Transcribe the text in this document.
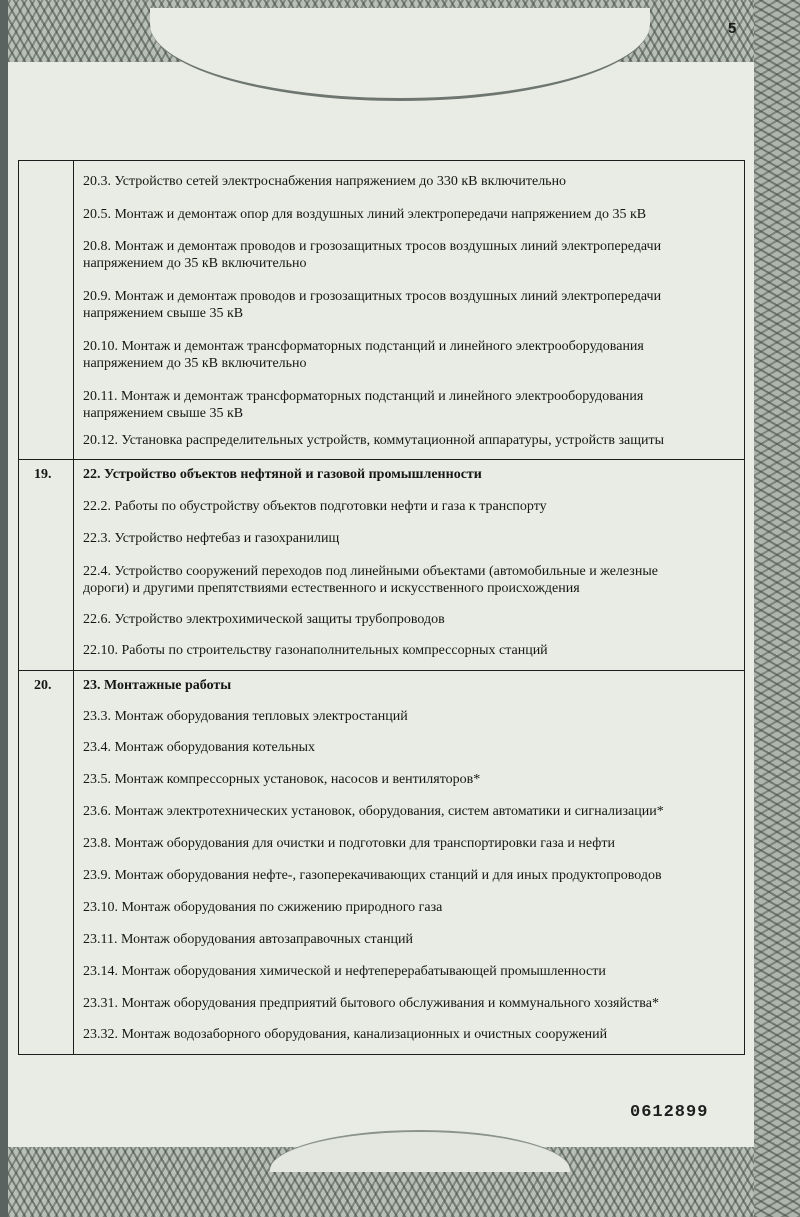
5
20.3. Устройство сетей электроснабжения напряжением до 330 кВ включительно
20.5. Монтаж и демонтаж опор для воздушных линий электропередачи напряжением до 35 кВ
20.8. Монтаж и демонтаж проводов и грозозащитных тросов воздушных линий электропередачи
напряжением до 35 кВ включительно
20.9. Монтаж и демонтаж проводов и грозозащитных тросов воздушных линий электропередачи
напряжением свыше 35 кВ
20.10. Монтаж и демонтаж трансформаторных подстанций и линейного электрооборудования
напряжением до 35 кВ включительно
20.11. Монтаж и демонтаж трансформаторных подстанций и линейного электрооборудования
напряжением свыше 35 кВ
20.12. Установка распределительных устройств, коммутационной аппаратуры, устройств защиты
19. 22. Устройство объектов нефтяной и газовой промышленности
22.2. Работы по обустройству объектов подготовки нефти и газа к транспорту
22.3. Устройство нефтебаз и газохранилищ
22.4. Устройство сооружений переходов под линейными объектами (автомобильные и железные
дороги) и другими препятствиями естественного и искусственного происхождения
22.6. Устройство электрохимической защиты трубопроводов
22.10. Работы по строительству газонаполнительных компрессорных станций
20. 23. Монтажные работы
23.3. Монтаж оборудования тепловых электростанций
23.4. Монтаж оборудования котельных
23.5. Монтаж компрессорных установок, насосов и вентиляторов*
23.6. Монтаж электротехнических установок, оборудования, систем автоматики и сигнализации*
23.8. Монтаж оборудования для очистки и подготовки для транспортировки газа и нефти
23.9. Монтаж оборудования нефте-, газоперекачивающих станций и для иных продуктопроводов
23.10. Монтаж оборудования по сжижению природного газа
23.11. Монтаж оборудования автозаправочных станций
23.14. Монтаж оборудования химической и нефтеперерабатывающей промышленности
23.31. Монтаж оборудования предприятий бытового обслуживания и коммунального хозяйства*
23.32. Монтаж водозаборного оборудования, канализационных и очистных сооружений
0612899
